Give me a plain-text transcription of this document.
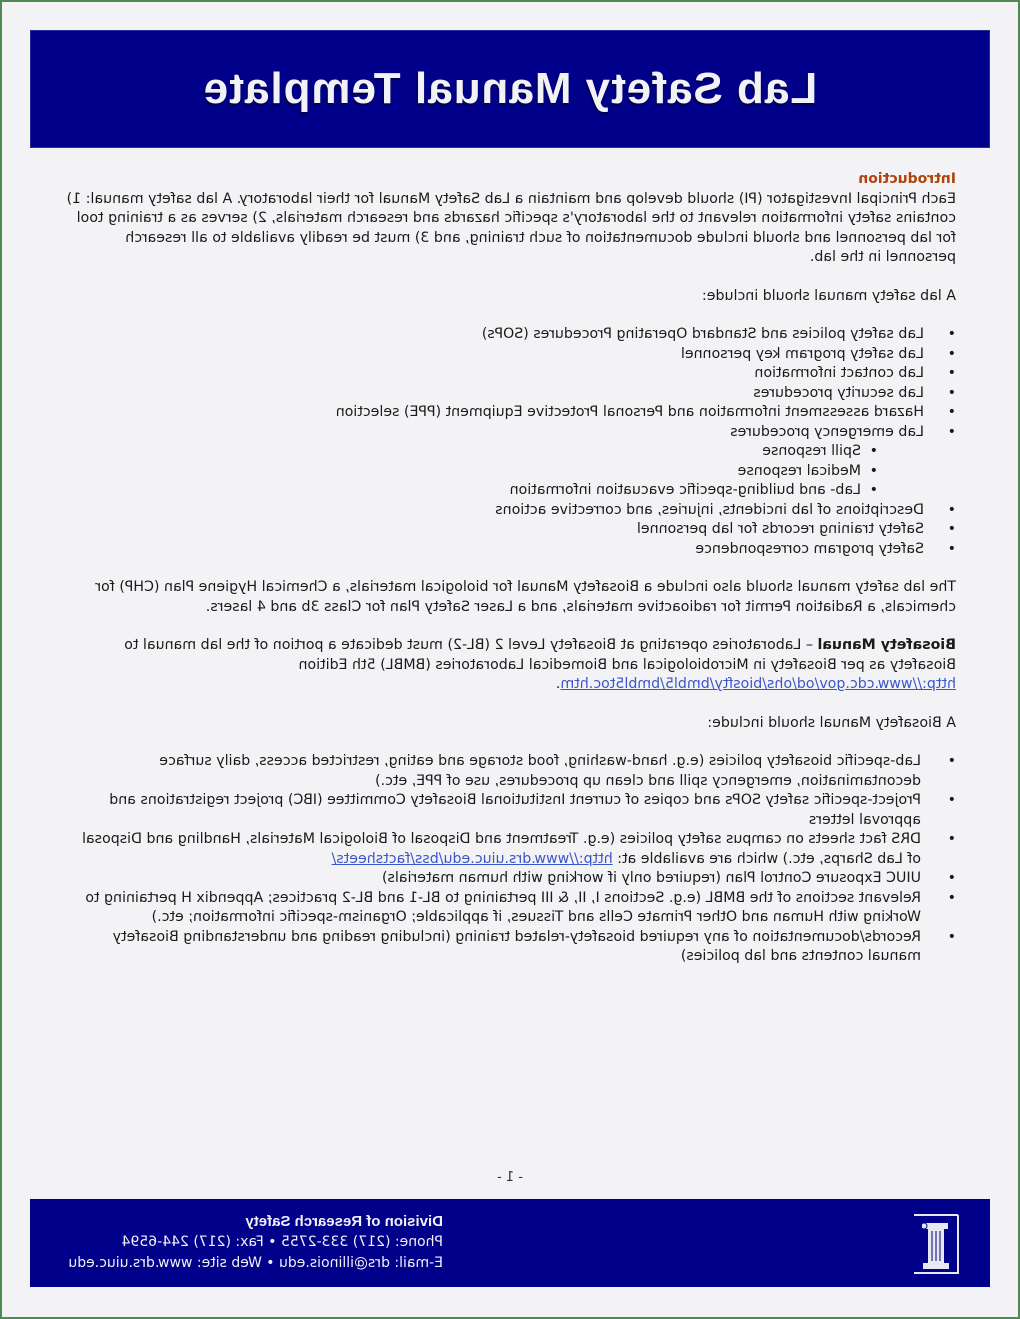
Lab Safety Manual Template
Introduction

Each Principal Investigator (PI) should develop and maintain a Lab Safety Manual for their laboratory. A lab safety manual: 1) contains safety information relevant to the laboratory's specific hazards and research materials, 2) serves as a training tool for lab personnel and should include documentation of such training, and 3) must be readily available to all research personnel in the lab.

A lab safety manual should include:

• Lab safety policies and Standard Operating Procedures (SOPs)
• Lab safety program key personnel
• Lab contact information
• Lab security procedures
• Hazard assessment information and Personal Protective Equipment (PPE) selection
• Lab emergency procedures
• Spill response
• Medical response
• Lab- and building-specific evacuation information
• Descriptions of lab incidents, injuries, and corrective actions
• Safety training records for lab personnel
• Safety program correspondence

The lab safety manual should also include a Biosafety Manual for biological materials, a Chemical Hygiene Plan (CHP) for chemicals, a Radiation Permit for radioactive materials, and a Laser Safety Plan for Class 3b and 4 lasers.

Biosafety Manual – Laboratories operating at Biosafety Level 2 (BL-2) must dedicate a portion of the lab manual to Biosafety as per Biosafety in Microbiological and Biomedical Laboratories (BMBL) 5th Edition http://www.cdc.gov/od/ohs/biosfty/bmbl5/bmbl5toc.htm.

A Biosafety Manual should include:

• Lab-specific biosafety policies (e.g. hand-washing, food storage and eating, restricted access, daily surface decontamination, emergency spill and clean up procedures, use of PPE, etc.)
• Project-specific safety SOPs and copies of current Institutional Biosafety Committee (IBC) project registrations and approval letters
• DRS fact sheets on campus safety policies (e.g. Treatment and Disposal of Biological Materials, Handling and Disposal of Lab Sharps, etc.) which are available at: http://www.drs.uiuc.edu/bss/factsheets/
• UIUC Exposure Control Plan (required only if working with human materials)
• Relevant sections of the BMBL (e.g. Sections I, II, & III pertaining to BL-1 and BL-2 practices; Appendix H pertaining to Working with Human and Other Primate Cells and Tissues, if applicable; Organism-specific information; etc.)
• Records/documentation of any required biosafety-related training (including reading and understanding Biosafety manual contents and lab policies)
- 1 -
Division of Research Safety
Phone: (217) 333-2755 • Fax: (217) 244-6594
E-mail: drs@illinois.edu • Web site: www.drs.uiuc.edu
